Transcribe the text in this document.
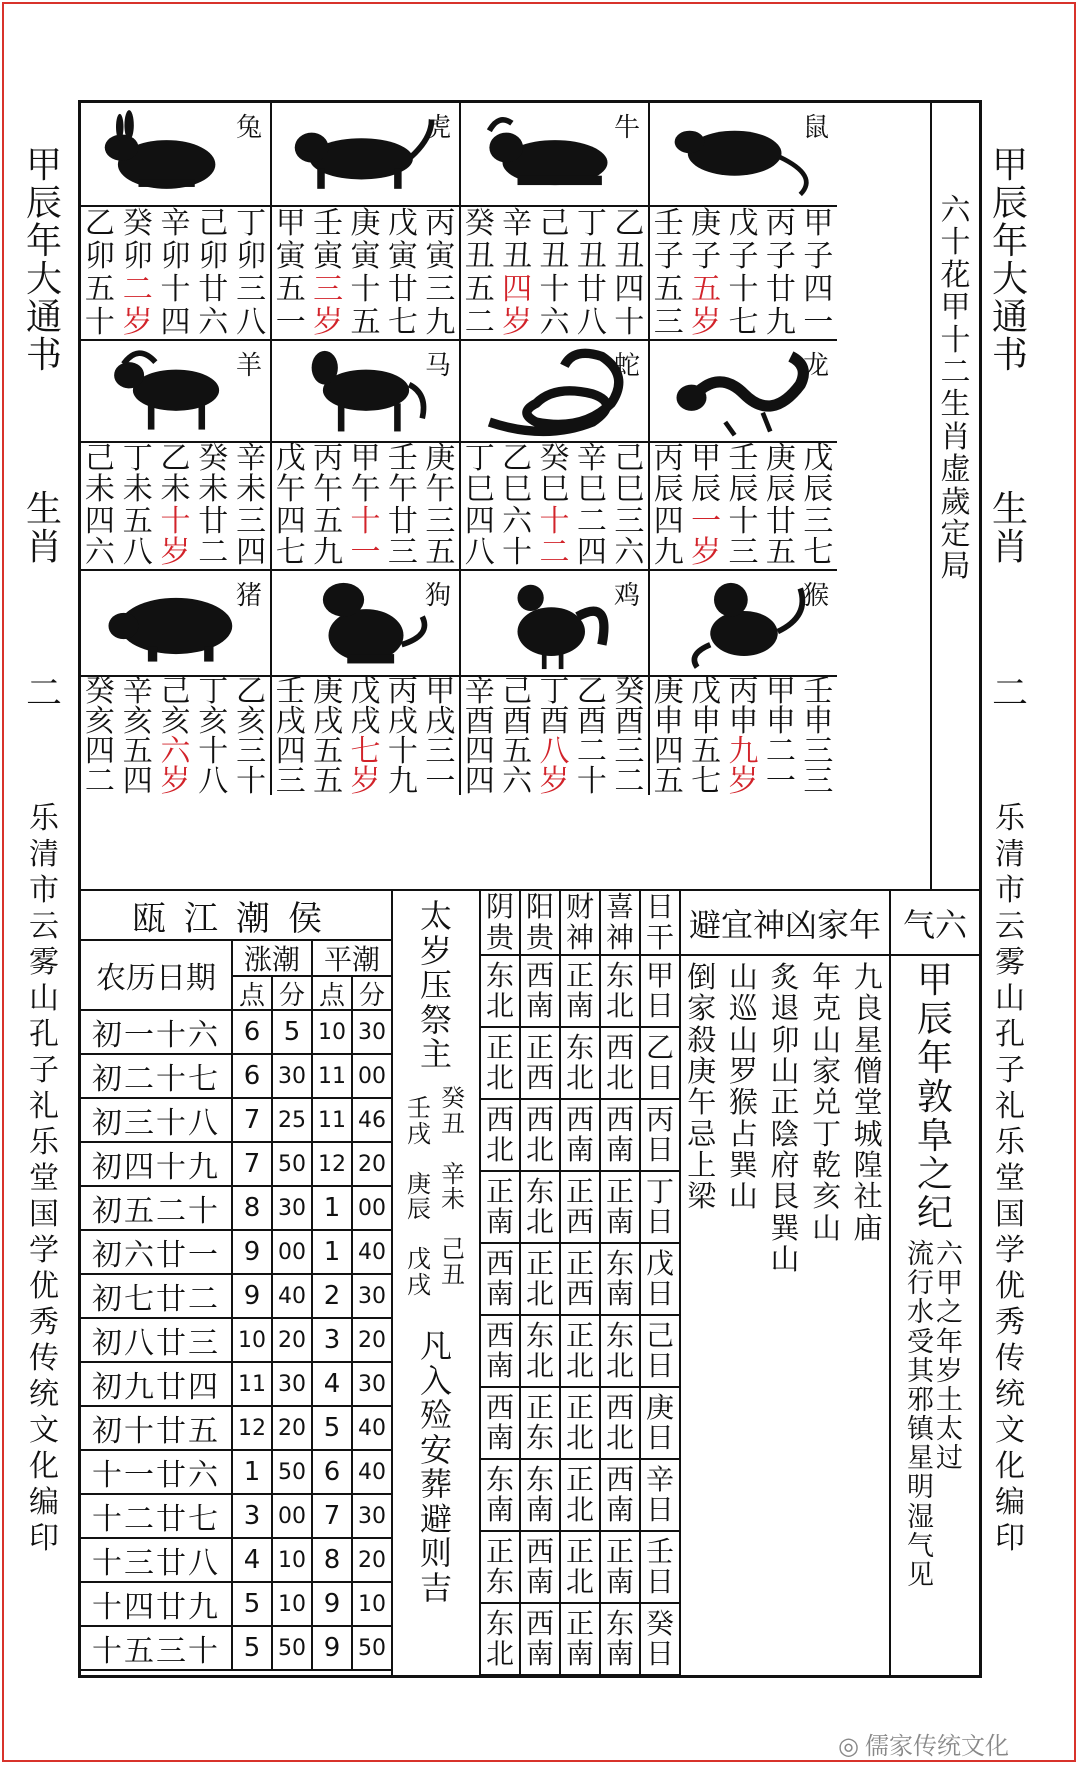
甲
辰
年
大
通
书
生
肖
二
乐
清
市
云
雾
山
孔
子
礼
乐
堂
国
学
优
秀
传
统
文
化
编
印
甲
辰
年
大
通
书
生
肖
二
乐
清
市
云
雾
山
孔
子
礼
乐
堂
国
学
优
秀
传
统
文
化
编
印
兔
乙
卯
五
十
癸
卯
二
岁
辛
卯
十
四
己
卯
廿
六
丁
卯
三
八
虎
甲
寅
五
一
壬
寅
三
岁
庚
寅
十
五
戊
寅
廿
七
丙
寅
三
九
牛
癸
丑
五
二
辛
丑
四
岁
己
丑
十
六
丁
丑
廿
八
乙
丑
四
十
鼠
壬
子
五
三
庚
子
五
岁
戊
子
十
七
丙
子
廿
九
甲
子
四
一
羊
己
未
四
六
丁
未
五
八
乙
未
十
岁
癸
未
廿
二
辛
未
三
四
马
戊
午
四
七
丙
午
五
九
甲
午
十
一
壬
午
廿
三
庚
午
三
五
蛇
丁
巳
四
八
乙
巳
六
十
癸
巳
十
二
辛
巳
二
四
己
巳
三
六
龙
丙
辰
四
九
甲
辰
一
岁
壬
辰
十
三
庚
辰
廿
五
戊
辰
三
七
猪
癸
亥
四
二
辛
亥
五
四
己
亥
六
岁
丁
亥
十
八
乙
亥
三
十
狗
壬
戌
四
三
庚
戌
五
五
戊
戌
七
岁
丙
戌
十
九
甲
戌
三
一
鸡
辛
酉
四
四
己
酉
五
六
丁
酉
八
岁
乙
酉
二
十
癸
酉
三
二
猴
庚
申
四
五
戊
申
五
七
丙
申
九
岁
甲
申
二
一
壬
申
三
三
六
十
花
甲
十
二
生
肖
虚
歲
定
局
瓯江潮侯
农历日期
涨潮 平潮
点 分 点 分
初一十六 6 5 10 30
初二十七 6 30 11 00
初三十八 7 25 11 46
初四十九 7 50 12 20
初五二十 8 30 1 00
初六廿一 9 00 1 40
初七廿二 9 40 2 30
初八廿三 10 20 3 20
初九廿四 11 30 4 30
初十廿五 12 20 5 40
十一廿六 1 50 6 40
十二廿七 3 00 7 30
十三廿八 4 10 8 20
十四廿九 5 10 9 10
十五三十 5 50 9 50
太
岁
压
祭
主
癸
丑
壬
戌
辛
未
庚
辰
己
丑
戊
戌
凡
入
殓
安
葬
避
则
吉
阴
贵
阳
贵
财
神
喜
神
日
干
东
北
西
南
正
南
东
北
甲
日
正
北
正
西
东
北
西
北
乙
日
西
北
西
北
西
南
西
南
丙
日
正
南
东
北
正
西
正
南
丁
日
西
南
正
北
正
西
东
南
戊
日
西
南
东
北
正
北
东
北
己
日
西
南
正
东
正
北
西
北
庚
日
东
南
东
南
正
北
西
南
辛
日
正
东
西
南
正
北
正
南
壬
日
东
北
西
南
正
南
东
南
癸
日
避宜神凶家年
九
良
星
僧
堂
城
隍
社
庙
年
克
山
家
兑
丁
乾
亥
山
炙
退
卯
山
正
陰
府
艮
巽
山
山
巡
山
罗
猴
占
巽
山
倒
家
殺
庚
午
忌
上
梁
气六
甲
辰
年
敦
阜
之
纪
六
甲
之
年
岁
土
太
过
流
行
水
受
其
邪
镇
星
明
湿
气
见
◎ 儒家传统文化
